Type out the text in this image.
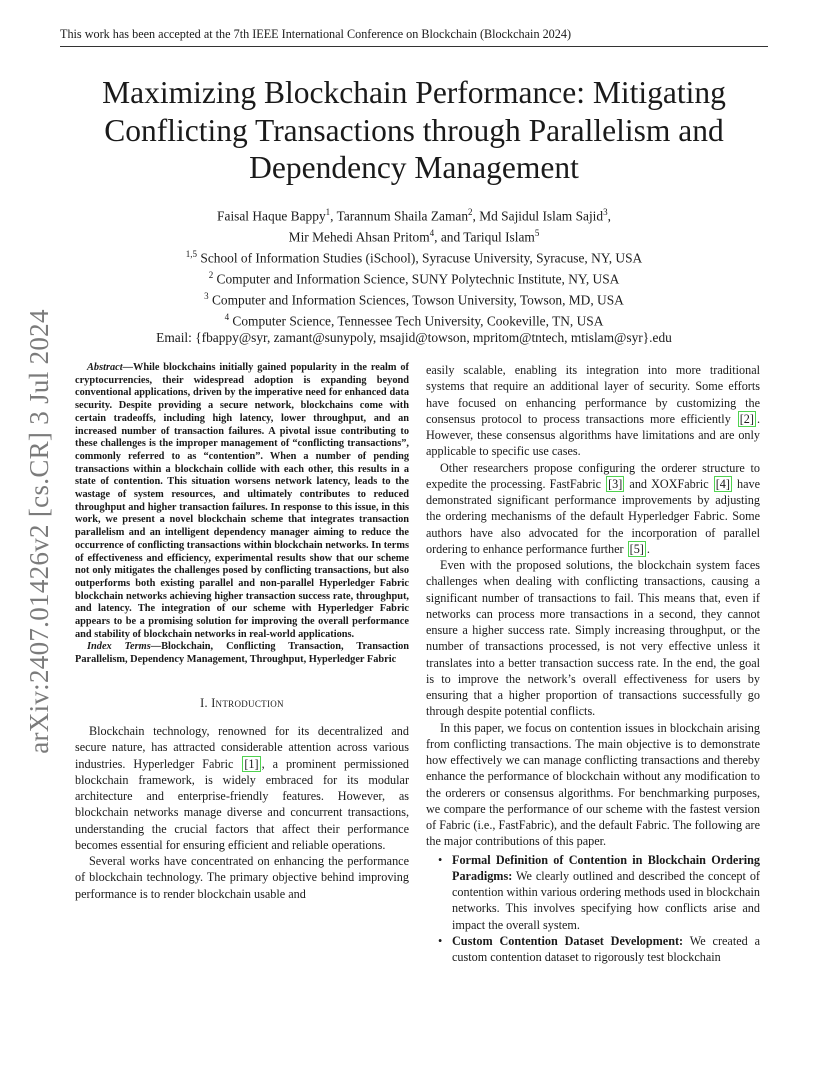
This work has been accepted at the 7th IEEE International Conference on Blockchain (Blockchain 2024)
arXiv:2407.01426v2 [cs.CR] 3 Jul 2024
Maximizing Blockchain Performance: Mitigating Conflicting Transactions through Parallelism and Dependency Management
Faisal Haque Bappy$^1$, Tarannum Shaila Zaman$^2$, Md Sajidul Islam Sajid$^3$,
Mir Mehedi Ahsan Pritom$^4$, and Tariqul Islam$^5$
$^{1,5}$ School of Information Studies (iSchool), Syracuse University, Syracuse, NY, USA
$^2$ Computer and Information Science, SUNY Polytechnic Institute, NY, USA
$^3$ Computer and Information Sciences, Towson University, Towson, MD, USA
$^4$ Computer Science, Tennessee Tech University, Cookeville, TN, USA
Email: {fbappy@syr, zamant@sunypoly, msajid@towson, mpritom@tntech, mtislam@syr}.edu

Abstract—While blockchains initially gained popularity in the realm of cryptocurrencies, their widespread adoption is expanding beyond conventional applications, driven by the imperative need for enhanced data security. Despite providing a secure network, blockchains come with certain tradeoffs, including high latency, lower throughput, and an increased number of transaction failures. A pivotal issue contributing to these challenges is the improper management of “conflicting transactions”, commonly referred to as “contention”. When a number of pending transactions within a blockchain collide with each other, this results in a state of contention. This situation worsens network latency, leads to the wastage of system resources, and ultimately contributes to reduced throughput and higher transaction failures. In response to this issue, in this work, we present a novel blockchain scheme that integrates transaction parallelism and an intelligent dependency manager aiming to reduce the occurrence of conflicting transactions within blockchain networks. In terms of effectiveness and efficiency, experimental results show that our scheme not only mitigates the challenges posed by conflicting transactions, but also outperforms both existing parallel and non-parallel Hyperledger Fabric blockchain networks achieving higher transaction success rate, throughput, and latency. The integration of our scheme with Hyperledger Fabric appears to be a promising solution for improving the overall performance and stability of blockchain networks in real-world applications.

Index Terms—Blockchain, Conflicting Transaction, Transaction Parallelism, Dependency Management, Throughput, Hyperledger Fabric

I. Introduction

Blockchain technology, renowned for its decentralized and secure nature, has attracted considerable attention across various industries. Hyperledger Fabric [1] , a prominent permissioned blockchain framework, is widely embraced for its modular architecture and enterprise-friendly features. However, as blockchain networks manage diverse and concurrent transactions, understanding the crucial factors that affect their performance becomes essential for ensuring efficient and reliable operations.

Several works have concentrated on enhancing the performance of blockchain technology. The primary objective behind improving performance is to render blockchain usable and

easily scalable, enabling its integration into more traditional systems that require an additional layer of security. Some efforts have focused on enhancing performance by customizing the consensus protocol to process transactions more efficiently [2] . However, these consensus algorithms have limitations and are only applicable to specific use cases.

Other researchers propose configuring the orderer structure to expedite the processing. FastFabric [3] and XOXFabric [4] have demonstrated significant performance improvements by adjusting the ordering mechanisms of the default Hyperledger Fabric. Some authors have also advocated for the incorporation of parallel ordering to enhance performance further [5] .

Even with the proposed solutions, the blockchain system faces challenges when dealing with conflicting transactions, causing a significant number of transactions to fail. This means that, even if networks can process more transactions in a second, they cannot ensure a higher success rate. Simply increasing throughput, or the number of transactions processed, is not very effective unless it translates into a better transaction success rate. In the end, the goal is to improve the network’s overall effectiveness for users by ensuring that a higher proportion of transactions successfully go through despite potential conflicts.

In this paper, we focus on contention issues in blockchain arising from conflicting transactions. The main objective is to demonstrate how effectively we can manage conflicting transactions and thereby enhance the performance of blockchain without any modification to the orderers or consensus algorithms. For benchmarking purposes, we compare the performance of our scheme with the fastest version of Fabric (i.e., FastFabric), and the default Fabric. The following are the major contributions of this paper.

• Formal Definition of Contention in Blockchain Ordering Paradigms: We clearly outlined and described the concept of contention within various ordering methods used in blockchain networks. This involves specifying how conflicts arise and impact the overall system.
• Custom Contention Dataset Development: We created a custom contention dataset to rigorously test blockchain
